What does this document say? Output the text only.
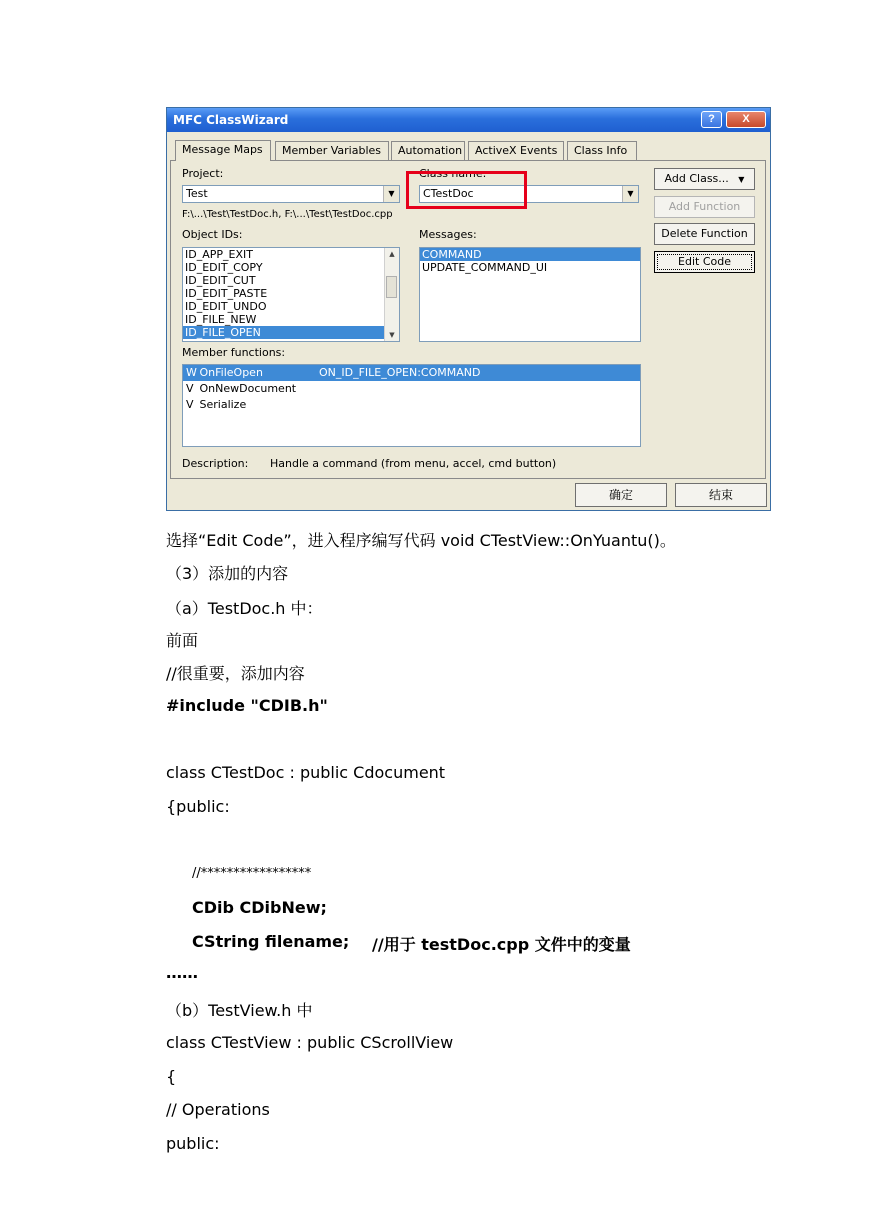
MFC ClassWizard	?	X
Message Maps	Member Variables	Automation	ActiveX Events	Class Info
Project:
Test	▼
Class name:
CTestDoc	▼
F:\...\Test\TestDoc.h, F:\...\Test\TestDoc.cpp
Object IDs:
ID_APP_EXIT
ID_EDIT_COPY
ID_EDIT_CUT
ID_EDIT_PASTE
ID_EDIT_UNDO
ID_FILE_NEW
ID_FILE_OPEN
▲
▼
Messages:
COMMAND
UPDATE_COMMAND_UI
Add Class... ▼
Add Function
Delete Function
Edit Code
Member functions:
W OnFileOpen	ON_ID_FILE_OPEN:COMMAND
V OnNewDocument
V Serialize
Description: Handle a command (from menu, accel, cmd button)
确定	结束
选择“Edit Code”，进入程序编写代码 void CTestView::OnYuantu()。
（3）添加的内容
（a）TestDoc.h 中：
前面
//很重要，添加内容
#include "CDIB.h"
class CTestDoc : public Cdocument
{public:
//*****************
CDib CDibNew;
CString filename; //用于 testDoc.cpp 文件中的变量
……
（b）TestView.h 中
class CTestView : public CScrollView
{
// Operations
public:
